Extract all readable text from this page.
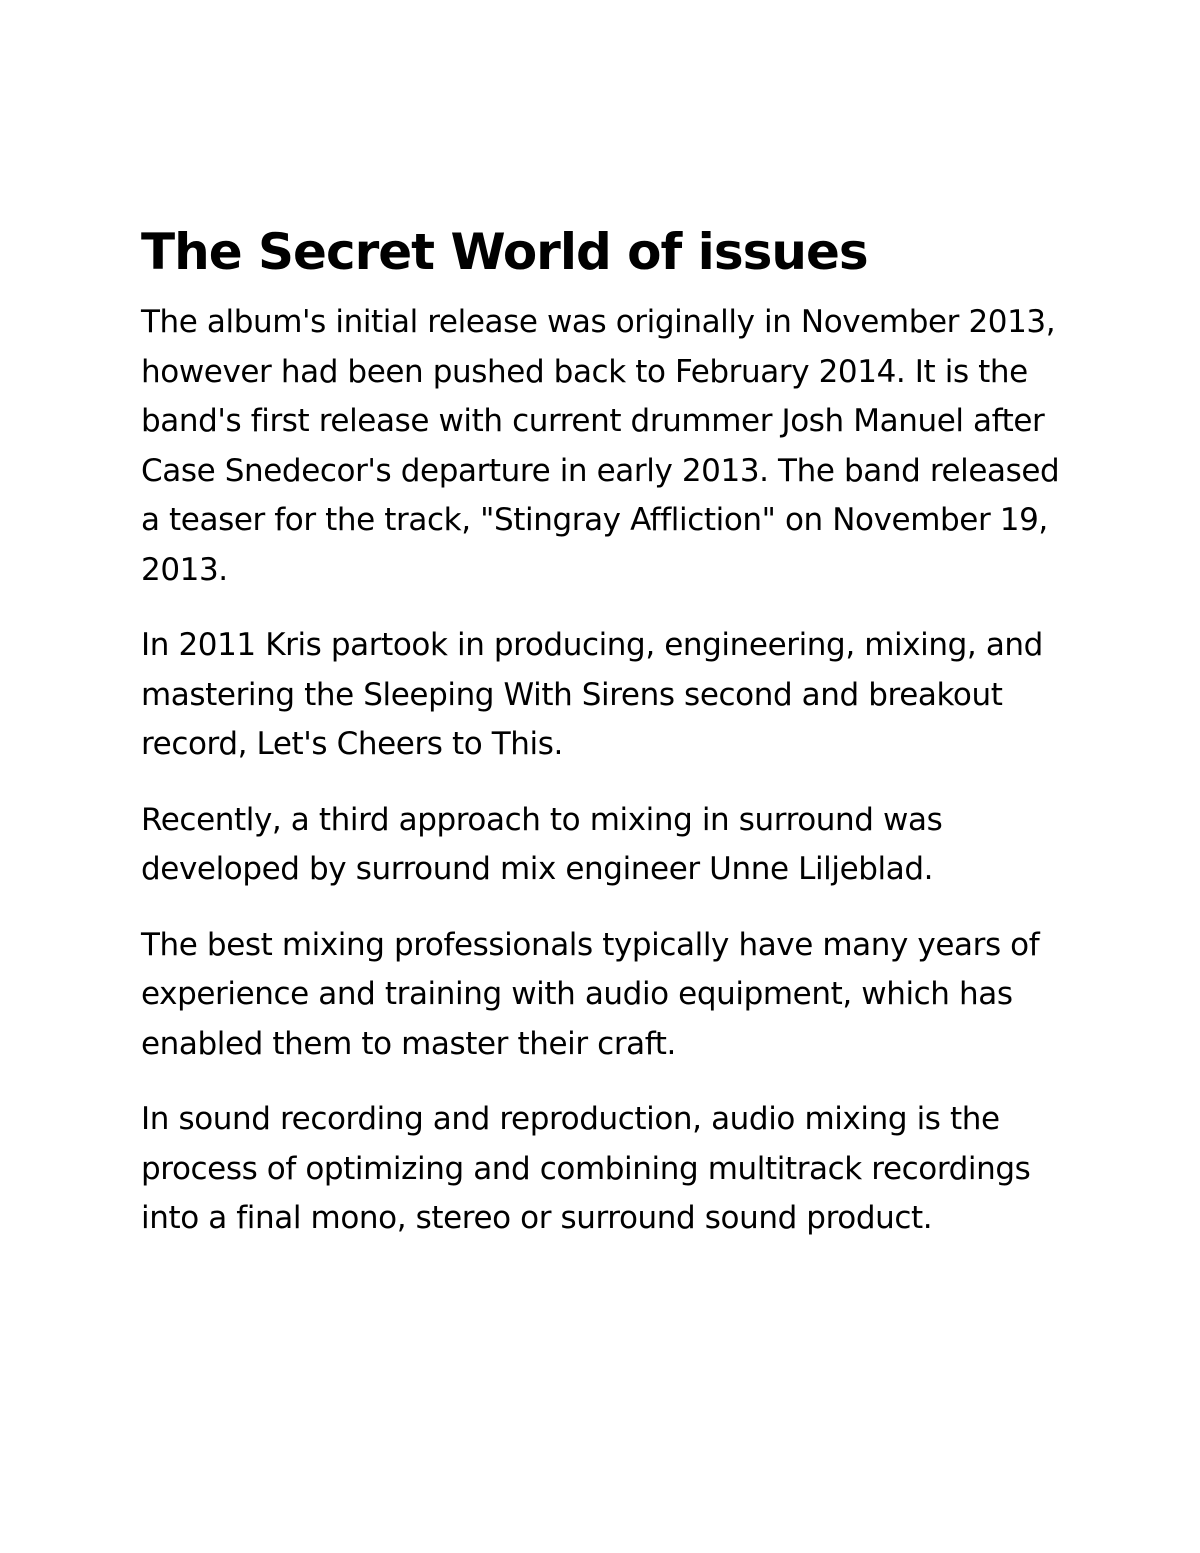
The Secret World of issues

The album's initial release was originally in November 2013, however had been pushed back to February 2014. It is the band's first release with current drummer Josh Manuel after Case Snedecor's departure in early 2013. The band released a teaser for the track, "Stingray Affliction" on November 19, 2013.

In 2011 Kris partook in producing, engineering, mixing, and mastering the Sleeping With Sirens second and breakout record, Let's Cheers to This.

Recently, a third approach to mixing in surround was developed by surround mix engineer Unne Liljeblad.

The best mixing professionals typically have many years of experience and training with audio equipment, which has enabled them to master their craft.

In sound recording and reproduction, audio mixing is the process of optimizing and combining multitrack recordings into a final mono, stereo or surround sound product.
